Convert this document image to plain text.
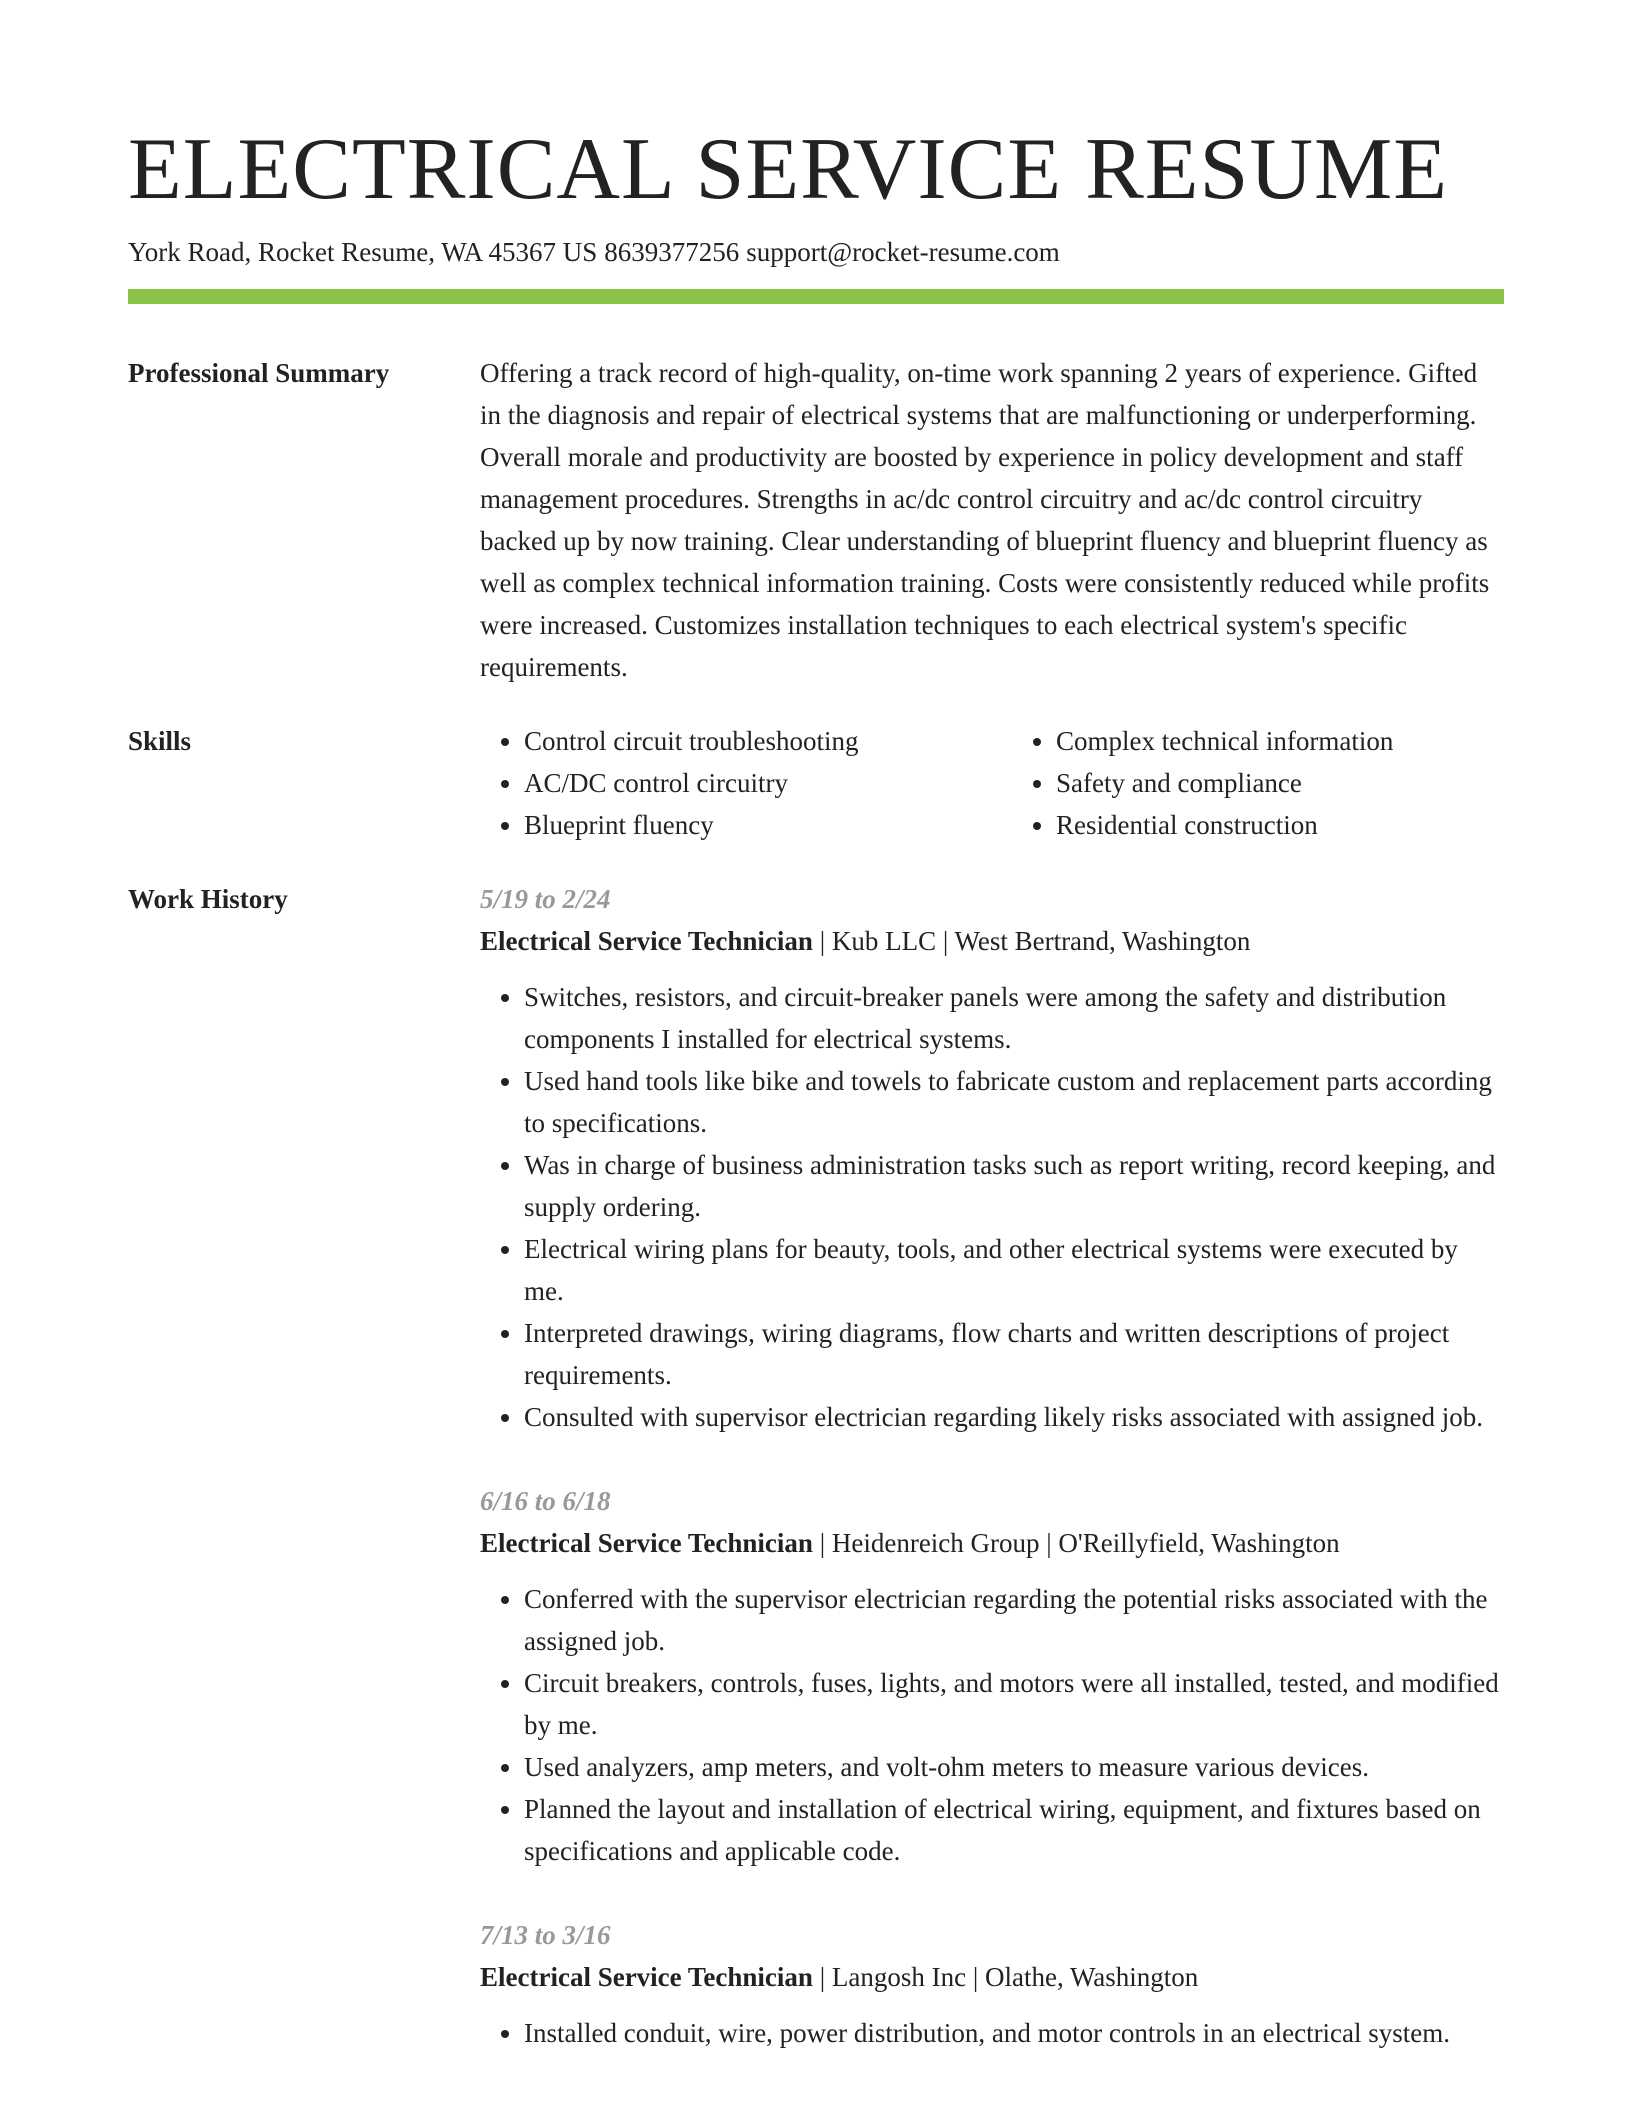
ELECTRICAL SERVICE RESUME
York Road, Rocket Resume, WA 45367 US 8639377256 support@rocket-resume.com
Professional Summary	Offering a track record of high-quality, on-time work spanning 2 years of experience. Gifted in the diagnosis and repair of electrical systems that are malfunctioning or underperforming. Overall morale and productivity are boosted by experience in policy development and staff management procedures. Strengths in ac/dc control circuitry and ac/dc control circuitry backed up by now training. Clear understanding of blueprint fluency and blueprint fluency as well as complex technical information training. Costs were consistently reduced while profits were increased. Customizes installation techniques to each electrical system's specific requirements.

Skills
•	Control circuit troubleshooting
• AC/DC control circuitry
• Blueprint fluency
• Complex technical information
• Safety and compliance
• Residential construction
Work History	5/19 to 2/24
Electrical Service Technician | Kub LLC | West Bertrand, Washington
• Switches, resistors, and circuit-breaker panels were among the safety and distribution components I installed for electrical systems.
• Used hand tools like bike and towels to fabricate custom and replacement parts according to specifications.
• Was in charge of business administration tasks such as report writing, record keeping, and supply ordering.
• Electrical wiring plans for beauty, tools, and other electrical systems were executed by me.
• Interpreted drawings, wiring diagrams, flow charts and written descriptions of project requirements.
• Consulted with supervisor electrician regarding likely risks associated with assigned job.
6/16 to 6/18
Electrical Service Technician | Heidenreich Group | O'Reillyfield, Washington
• Conferred with the supervisor electrician regarding the potential risks associated with the assigned job.
• Circuit breakers, controls, fuses, lights, and motors were all installed, tested, and modified by me.
• Used analyzers, amp meters, and volt-ohm meters to measure various devices.
• Planned the layout and installation of electrical wiring, equipment, and fixtures based on specifications and applicable code.
7/13 to 3/16
Electrical Service Technician | Langosh Inc | Olathe, Washington
• Installed conduit, wire, power distribution, and motor controls in an electrical system.
